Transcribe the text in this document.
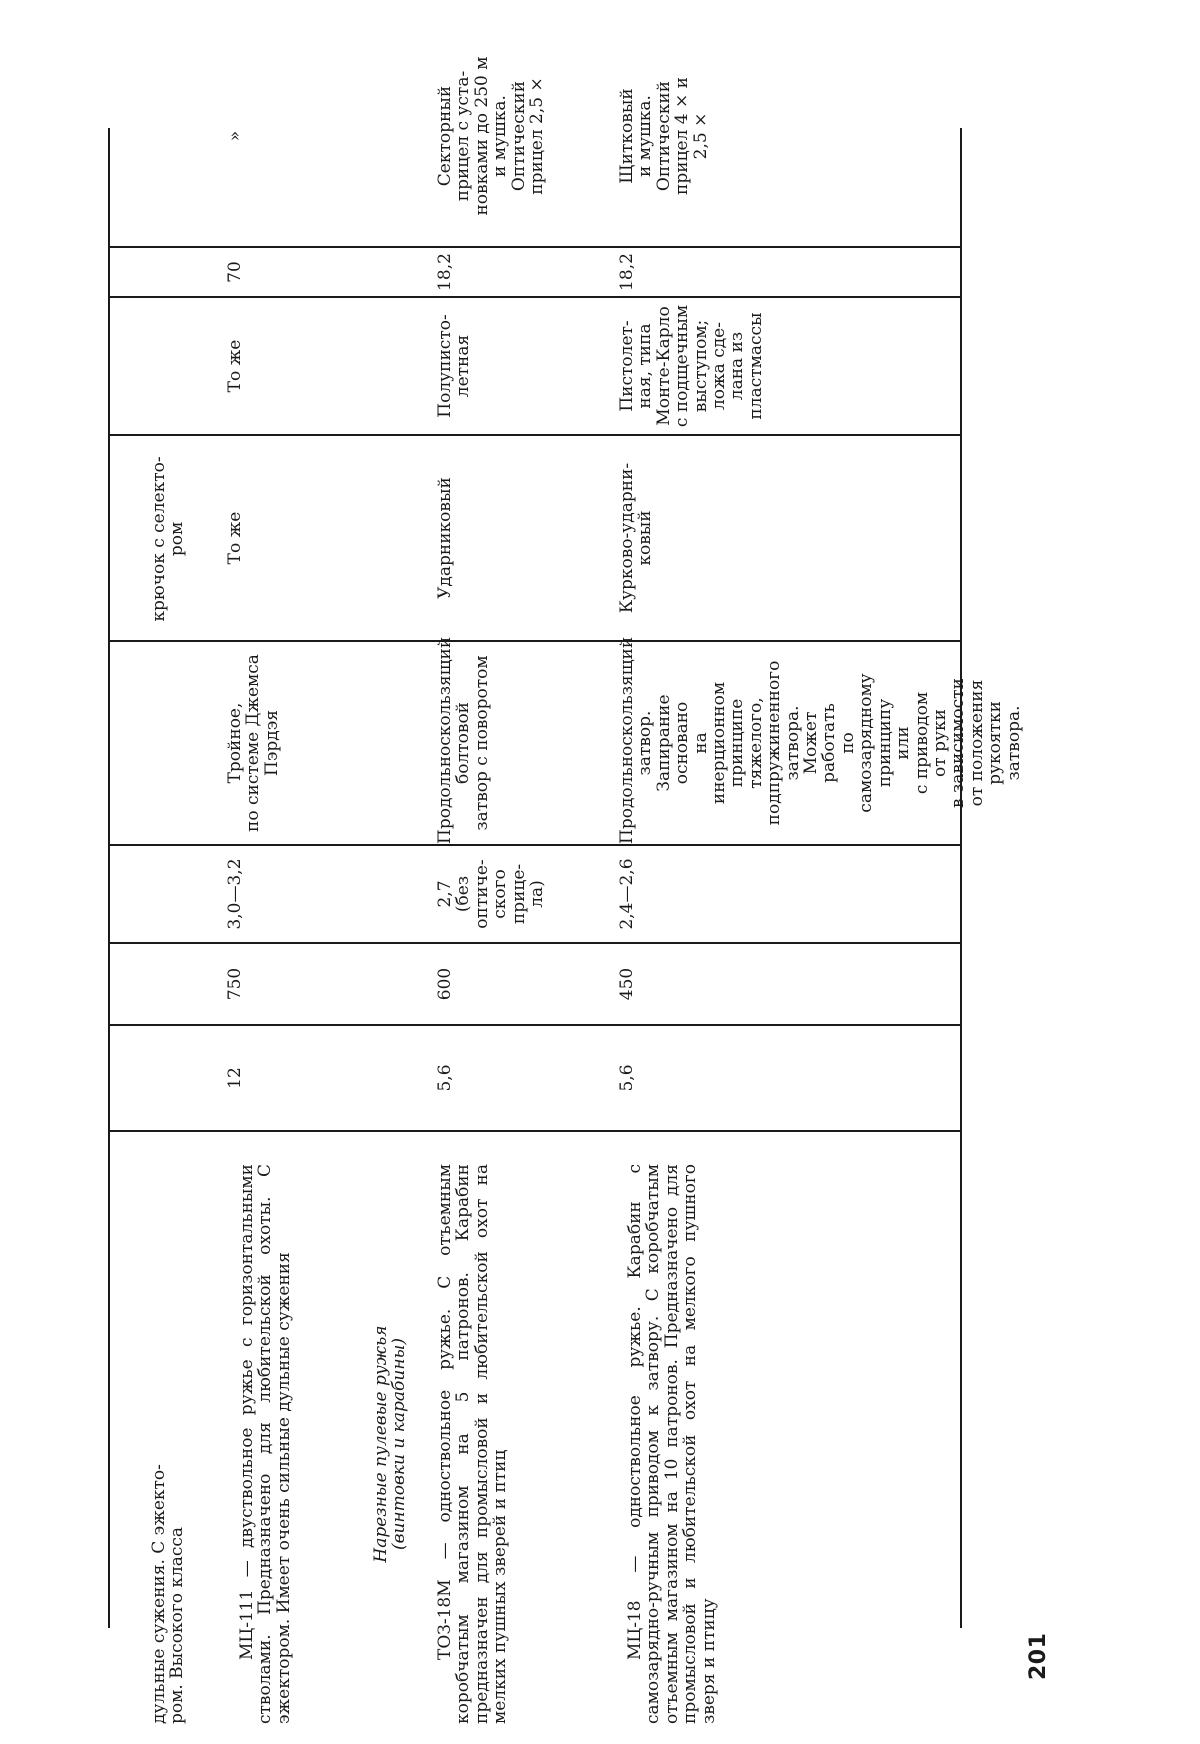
дульные сужения. С эжекто-
ром. Высокого класса
крючок с селекто-
ром
МЦ-111 — двуствольное ружье с горизонтальными стволами. Предназначено для любительской охоты. С эжектором. Имеет очень сильные дульные сужения
12
750
3,0—3,2
Тройное,
по системе Джемса
Пэрдэя
То же
То же
70
»
Нарезные пулевые ружья
(винтовки и карабины) ТОЗ-18М — одноствольное ружье. С отъемным коробчатым магазином на 5 патронов. Карабин предназначен для промысловой и любительской охот на мелких пушных зверей и птиц
5,6
600
2,7
(без
оптиче-
ского
прице-
ла)
Продольноскользящий болтовой
затвор с поворотом
Ударниковый
Полуписто-
летная
18,2
Секторный
прицел с уста-
новками до 250 м
и мушка.
Оптический
прицел 2,5 ×
МЦ-18 — одноствольное ружье. Карабин с самозарядно-ручным приводом к затвору. С коробчатым отъемным магазином на 10 патронов. Предназначено для промысловой и любительской охот на мелкого пушного зверя и птицу
5,6
450
2,4—2,6
Продольноскользящий
затвор.
Запирание
основано
на
инерционном
принципе
тяжелого,
подпружиненного
затвора.
Может
работать
по
самозарядному
принципу
или
с приводом
от руки
в зависимости
от положения
рукоятки
затвора.
Курково-ударни-
ковый
Пистолет-
ная, типа
Монте-Карло
с подщечным
выступом;
ложа сде-
лана из
пластмассы
18,2
Щитковый
и мушка.
Оптический
прицел 4 × и
2,5 ×
201
